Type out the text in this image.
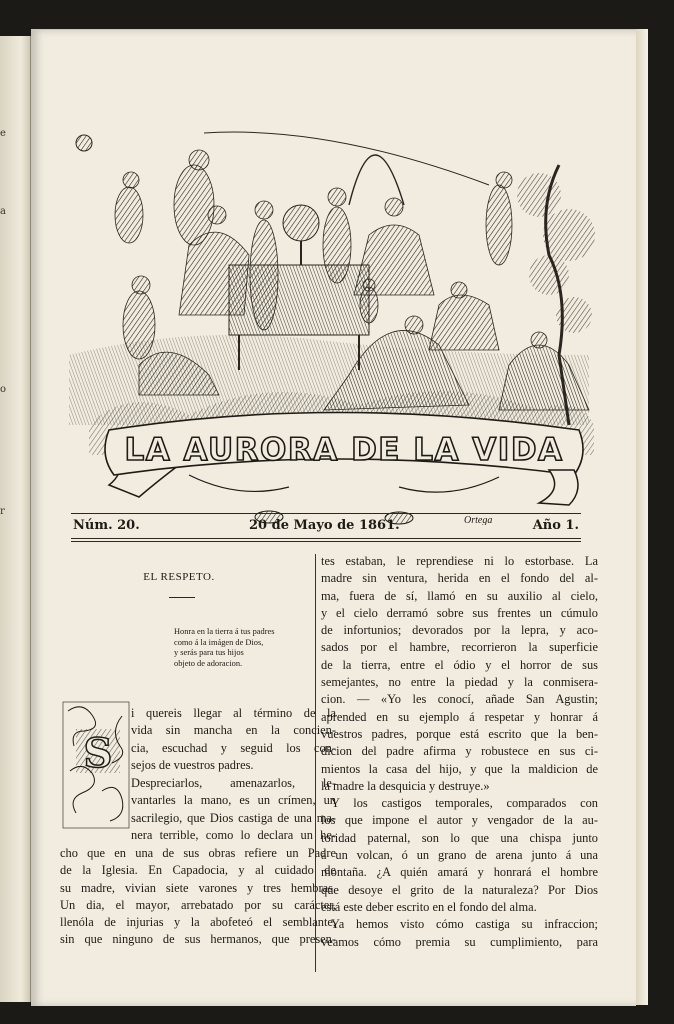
e
a
o
r
LA AURORA DE LA VIDA
Ortega
Núm. 20.	20 de Mayo de 1861.	Año 1.
EL RESPETO.
Honra en la tierra á tus padres
como á la imágen de Dios,
y serás para tus hijos
objeto de adoracion.
S
i quereis llegar al término de la
vida sin mancha en la concien-
cia, escuchad y seguid los con-
sejos de vuestros padres.
Despreciarlos, amenazarlos, le-
vantarles la mano, es un crímen, un
sacrilegio, que Dios castiga de una ma-
nera terrible, como lo declara un he-
cho que en una de sus obras refiere un Padre
de la Iglesia. En Capadocia, y al cuidado de
su madre, vivian siete varones y tres hembras.
Un dia, el mayor, arrebatado por su carácter,
llenóla de injurias y la abofeteó el semblante,
sin que ninguno de sus hermanos, que presen-
tes estaban, le reprendiese ni lo estorbase. La
madre sin ventura, herida en el fondo del al-
ma, fuera de sí, llamó en su auxilio al cielo,
y el cielo derramó sobre sus frentes un cúmulo
de infortunios; devorados por la lepra, y aco-
sados por el hambre, recorrieron la superficie
de la tierra, entre el ódio y el horror de sus
semejantes, no entre la piedad y la conmisera-
cion. — «Yo les conocí, añade San Agustin;
aprended en su ejemplo á respetar y honrar á
vuestros padres, porque está escrito que la ben-
dicion del padre afirma y robustece en sus ci-
mientos la casa del hijo, y que la maldicion de
la madre la desquicia y destruye.»
Y los castigos temporales, comparados con
los que impone el autor y vengador de la au-
toridad paternal, son lo que una chispa junto
á un volcan, ó un grano de arena junto á una
montaña. ¿A quién amará y honrará el hombre
que desoye el grito de la naturaleza? Por Dios
está este deber escrito en el fondo del alma.
Ya hemos visto cómo castiga su infraccion;
veamos cómo premia su cumplimiento, para
